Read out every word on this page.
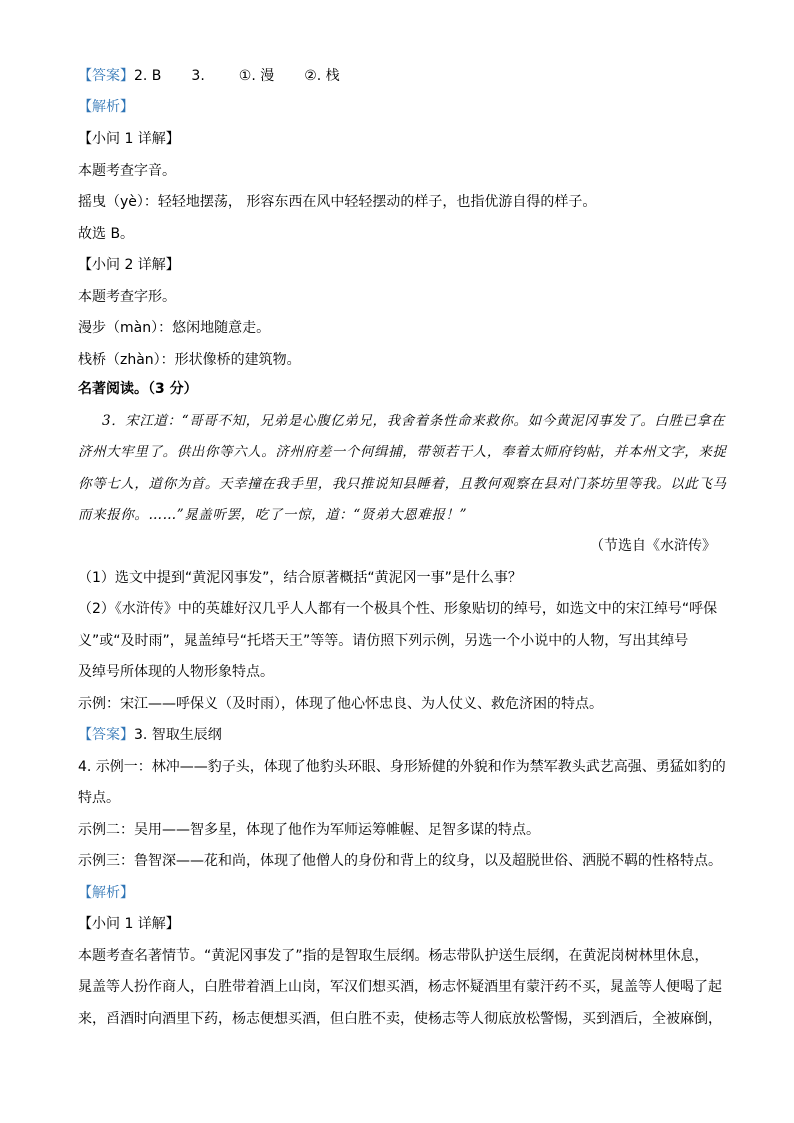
【答案】2. B 3. ①. 漫 ②. 栈
【解析】
【小问 1 详解】
本题考查字音。
摇曳（yè）：轻轻地摆荡， 形容东西在风中轻轻摆动的样子，也指优游自得的样子。
故选 B。
【小问 2 详解】
本题考查字形。
漫步（màn）：悠闲地随意走。
栈桥（zhàn）：形状像桥的建筑物。
名著阅读。（3 分）
3．宋江道：“哥哥不知，兄弟是心腹亿弟兄，我舍着条性命来救你。如今黄泥冈事发了。白胜已拿在
济州大牢里了。供出你等六人。济州府差一个何缉捕，带领若干人，奉着太师府钧帖，并本州文字，来捉
你等七人，道你为首。天幸撞在我手里，我只推说知县睡着，且教何观察在县对门茶坊里等我。以此飞马
而来报你。……”晁盖听罢，吃了一惊，道：“贤弟大恩难报！”
（节选自《水浒传》
（1）选文中提到“黄泥冈事发”，结合原著概括“黄泥冈一事”是什么事？
（2）《水浒传》中的英雄好汉几乎人人都有一个极具个性、形象贴切的绰号，如选文中的宋江绰号“呼保
义”或“及时雨”，晁盖绰号“托塔天王”等等。请仿照下列示例，另选一个小说中的人物，写出其绰号
及绰号所体现的人物形象特点。
示例：宋江——呼保义（及时雨），体现了他心怀忠良、为人仗义、救危济困的特点。
【答案】3. 智取生辰纲
4. 示例一：林冲——豹子头，体现了他豹头环眼、身形矫健的外貌和作为禁军教头武艺高强、勇猛如豹的
特点。
示例二：吴用——智多星，体现了他作为军师运筹帷幄、足智多谋的特点。
示例三：鲁智深——花和尚，体现了他僧人的身份和背上的纹身，以及超脱世俗、洒脱不羁的性格特点。
【解析】
【小问 1 详解】
本题考查名著情节。“黄泥冈事发了”指的是智取生辰纲。杨志带队护送生辰纲，在黄泥岗树林里休息，
晁盖等人扮作商人，白胜带着酒上山岗，军汉们想买酒，杨志怀疑酒里有蒙汗药不买，晁盖等人便喝了起
来，舀酒时向酒里下药，杨志便想买酒，但白胜不卖，使杨志等人彻底放松警惕，买到酒后，全被麻倒，
